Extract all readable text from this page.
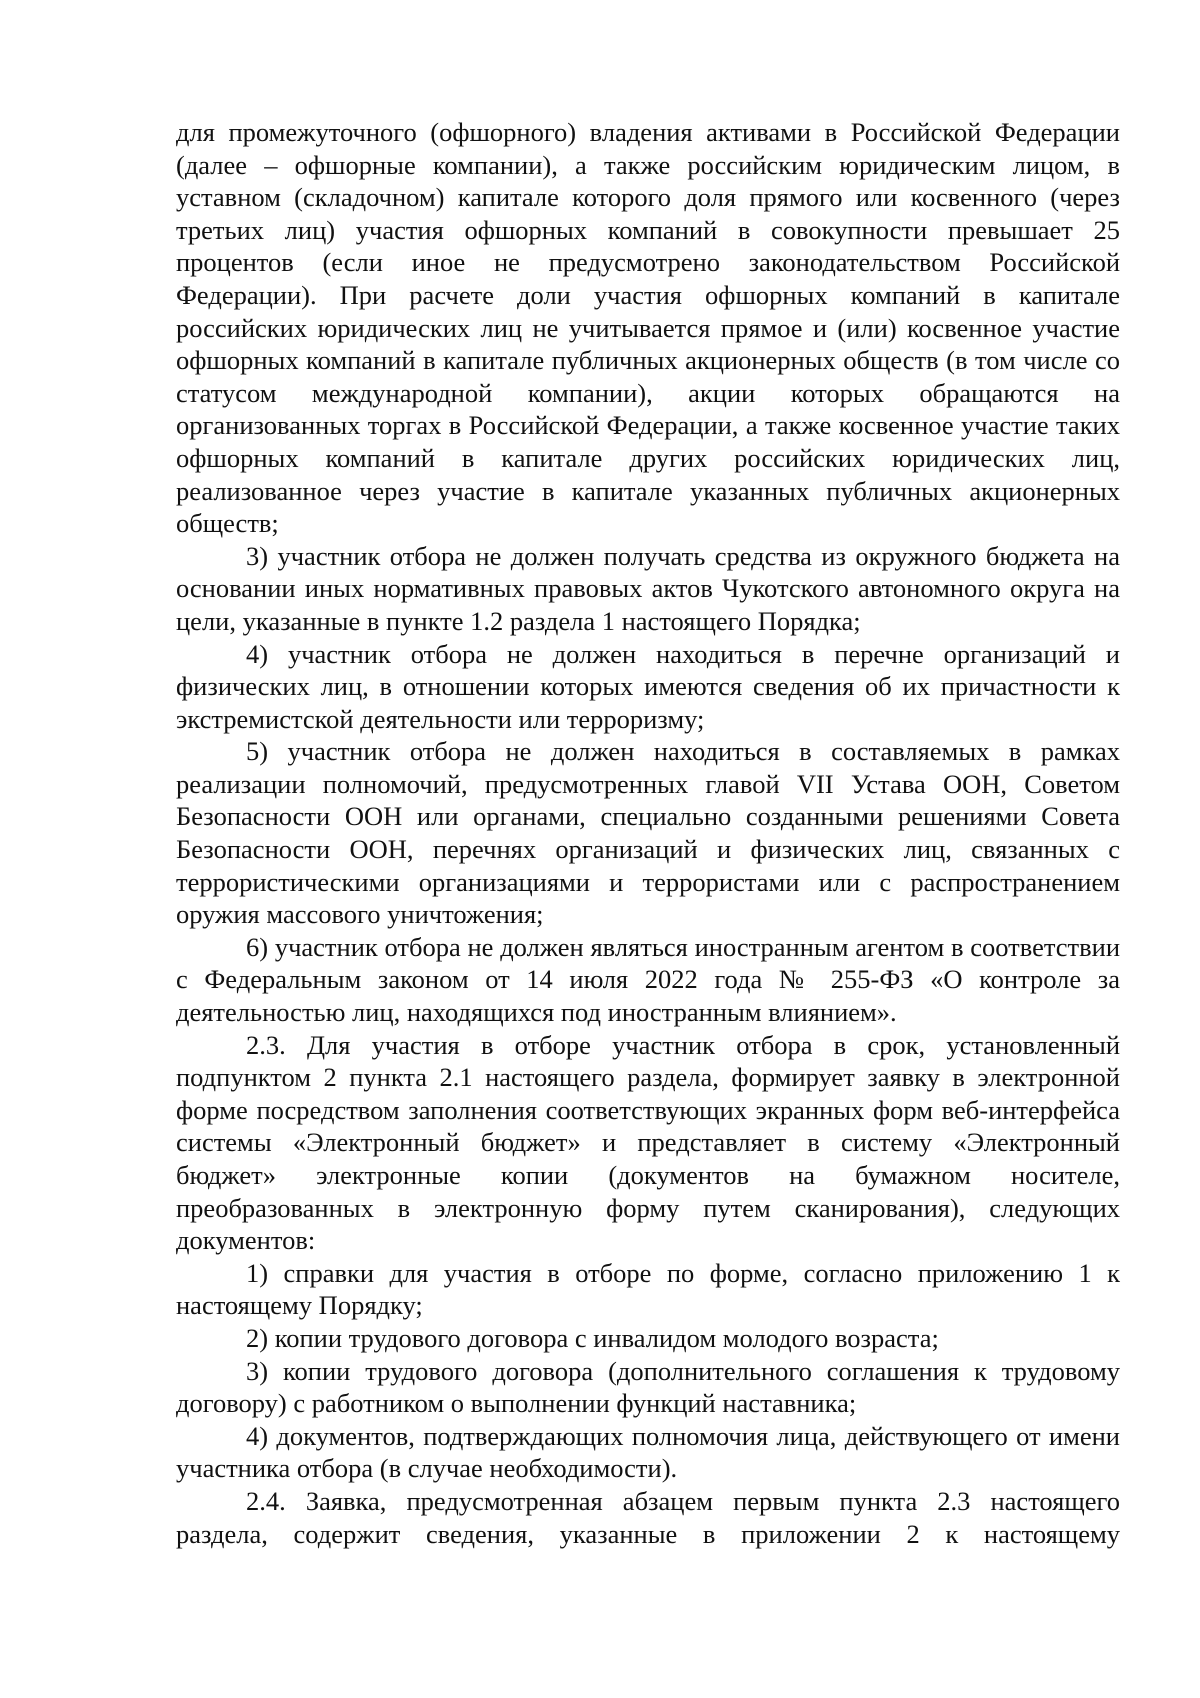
для промежуточного (офшорного) владения активами в Российской Федерации (далее – офшорные компании), а также российским юридическим лицом, в уставном (складочном) капитале которого доля прямого или косвенного (через третьих лиц) участия офшорных компаний в совокупности превышает 25 процентов (если иное не предусмотрено законодательством Российской Федерации). При расчете доли участия офшорных компаний в капитале российских юридических лиц не учитывается прямое и (или) косвенное участие офшорных компаний в капитале публичных акционерных обществ (в том числе со статусом международной компании), акции которых обращаются на организованных торгах в Российской Федерации, а также косвенное участие таких офшорных компаний в капитале других российских юридических лиц, реализованное через участие в капитале указанных публичных акционерных обществ;

3) участник отбора не должен получать средства из окружного бюджета на основании иных нормативных правовых актов Чукотского автономного округа на цели, указанные в пункте 1.2 раздела 1 настоящего Порядка;

4) участник отбора не должен находиться в перечне организаций и физических лиц, в отношении которых имеются сведения об их причастности к экстремистской деятельности или терроризму;

5) участник отбора не должен находиться в составляемых в рамках реализации полномочий, предусмотренных главой VII Устава ООН, Советом Безопасности ООН или органами, специально созданными решениями Совета Безопасности ООН, перечнях организаций и физических лиц, связанных с террористическими организациями и террористами или с распространением оружия массового уничтожения;

6) участник отбора не должен являться иностранным агентом в соответствии с Федеральным законом от 14 июля 2022 года № 255-ФЗ «О контроле за деятельностью лиц, находящихся под иностранным влиянием».

2.3. Для участия в отборе участник отбора в срок, установленный подпунктом 2 пункта 2.1 настоящего раздела, формирует заявку в электронной форме посредством заполнения соответствующих экранных форм веб-интерфейса системы «Электронный бюджет» и представляет в систему «Электронный бюджет» электронные копии (документов на бумажном носителе, преобразованных в электронную форму путем сканирования), следующих документов:

1) справки для участия в отборе по форме, согласно приложению 1 к настоящему Порядку;

2) копии трудового договора с инвалидом молодого возраста;

3) копии трудового договора (дополнительного соглашения к трудовому договору) с работником о выполнении функций наставника;

4) документов, подтверждающих полномочия лица, действующего от имени участника отбора (в случае необходимости).

2.4. Заявка, предусмотренная абзацем первым пункта 2.3 настоящего раздела, содержит сведения, указанные в приложении 2 к настоящему
